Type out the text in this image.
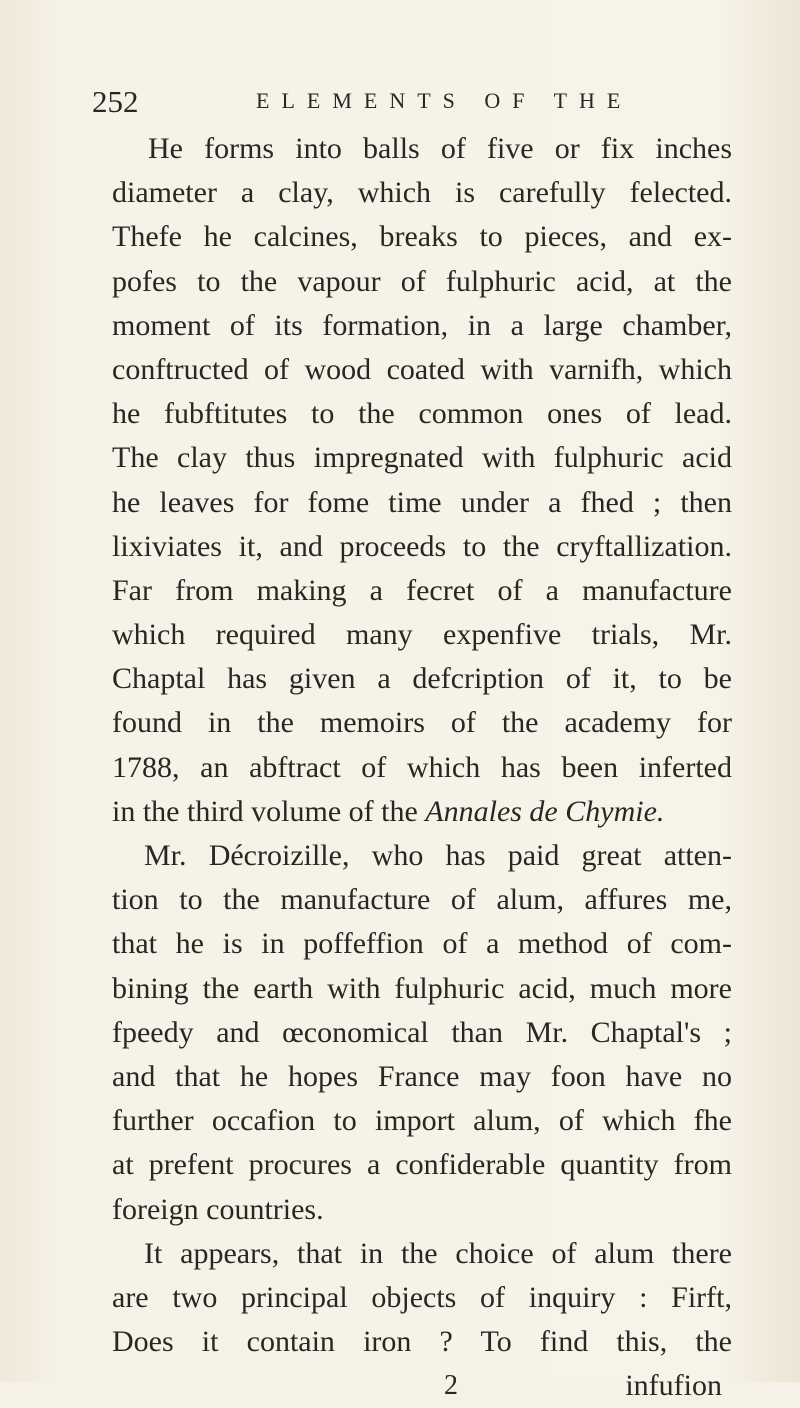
252	ELEMENTS OF THE
He forms into balls of five or fix inches
diameter a clay, which is carefully felected.
Thefe he calcines, breaks to pieces, and ex-
pofes to the vapour of fulphuric acid, at the
moment of its formation, in a large chamber,
conftructed of wood coated with varnifh, which
he fubftitutes to the common ones of lead.
The clay thus impregnated with fulphuric acid
he leaves for fome time under a fhed ; then
lixiviates it, and proceeds to the cryftallization.
Far from making a fecret of a manufacture
which required many expenfive trials, Mr.
Chaptal has given a defcription of it, to be
found in the memoirs of the academy for
1788, an abftract of which has been inferted
in the third volume of the Annales de Chymie.
Mr. Décroizille, who has paid great atten-
tion to the manufacture of alum, affures me,
that he is in poffeffion of a method of com-
bining the earth with fulphuric acid, much more
fpeedy and œconomical than Mr. Chaptal's ;
and that he hopes France may foon have no
further occafion to import alum, of which fhe
at prefent procures a confiderable quantity from
foreign countries.
It appears, that in the choice of alum there
are two principal objects of inquiry : Firft,
Does it contain iron ? To find this, the
2	infufion
